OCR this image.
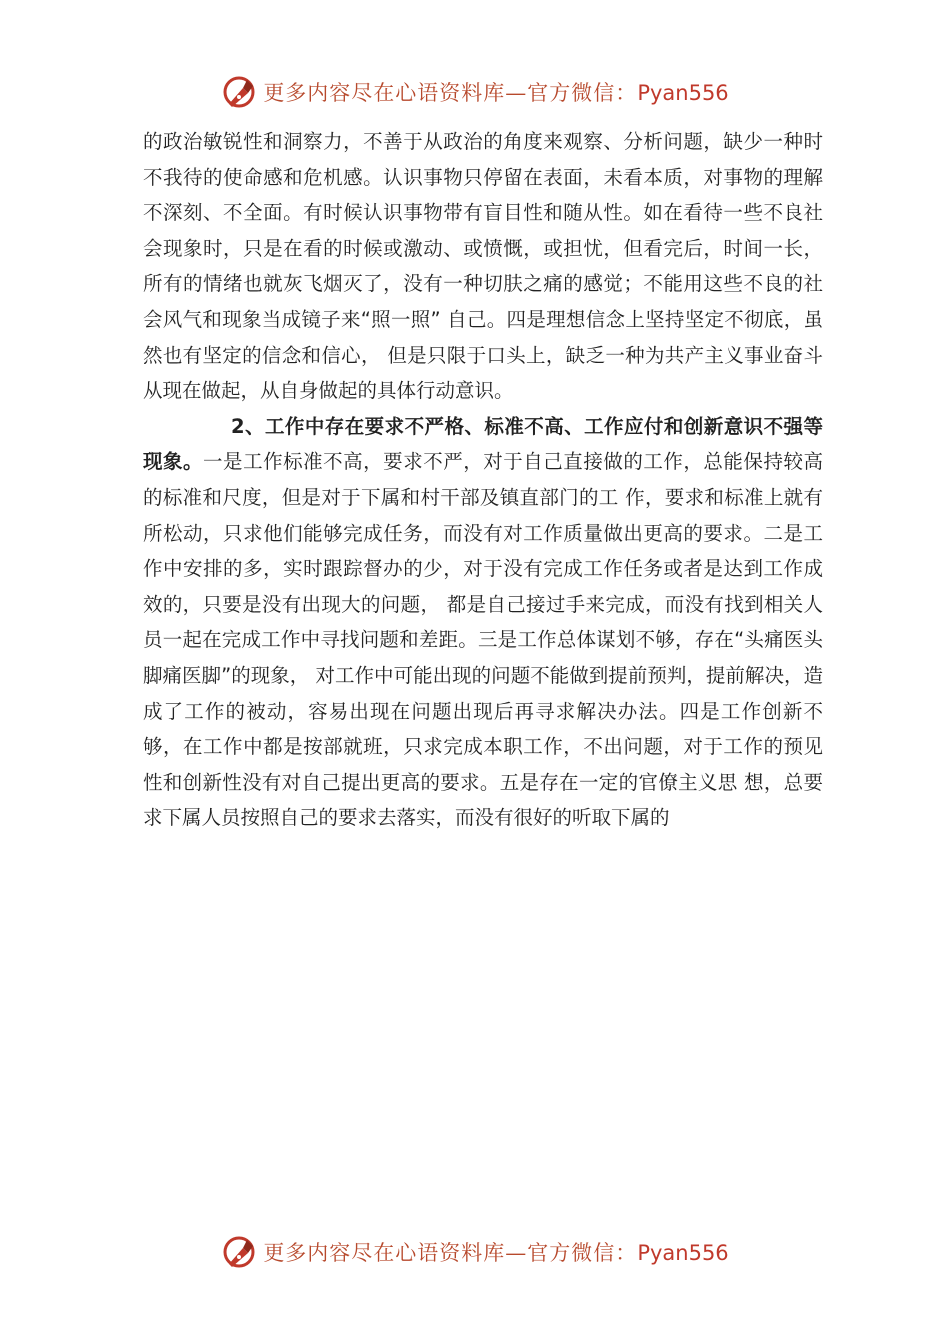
更多内容尽在心语资料库—官方微信：Pyan556

的政治敏锐性和洞察力，不善于从政治的角度来观察、分析问题，缺少一种时不我待的使命感和危机感。认识事物只停留在表面，未看本质，对事物的理解不深刻、不全面。有时候认识事物带有盲目性和随从性。如在看待一些不良社会现象时，只是在看的时候或激动、或愤慨，或担忧，但看完后，时间一长，所有的情绪也就灰飞烟灭了，没有一种切肤之痛的感觉；不能用这些不良的社会风气和现象当成镜子来“照一照” 自己。四是理想信念上坚持坚定不彻底，虽然也有坚定的信念和信心， 但是只限于口头上，缺乏一种为共产主义事业奋斗从现在做起，从自身做起的具体行动意识。

2、工作中存在要求不严格、标准不高、工作应付和创新意识不强等现象。一是工作标准不高，要求不严，对于自己直接做的工作，总能保持较高的标准和尺度，但是对于下属和村干部及镇直部门的工 作，要求和标准上就有所松动，只求他们能够完成任务，而没有对工作质量做出更高的要求。二是工作中安排的多，实时跟踪督办的少，对于没有完成工作任务或者是达到工作成效的，只要是没有出现大的问题， 都是自己接过手来完成，而没有找到相关人员一起在完成工作中寻找问题和差距。三是工作总体谋划不够，存在“头痛医头脚痛医脚”的现象， 对工作中可能出现的问题不能做到提前预判，提前解决，造成了工作的被动，容易出现在问题出现后再寻求解决办法。四是工作创新不够，在工作中都是按部就班，只求完成本职工作，不出问题，对于工作的预见性和创新性没有对自己提出更高的要求。五是存在一定的官僚主义思 想，总要求下属人员按照自己的要求去落实，而没有很好的听取下属的

更多内容尽在心语资料库—官方微信：Pyan556
